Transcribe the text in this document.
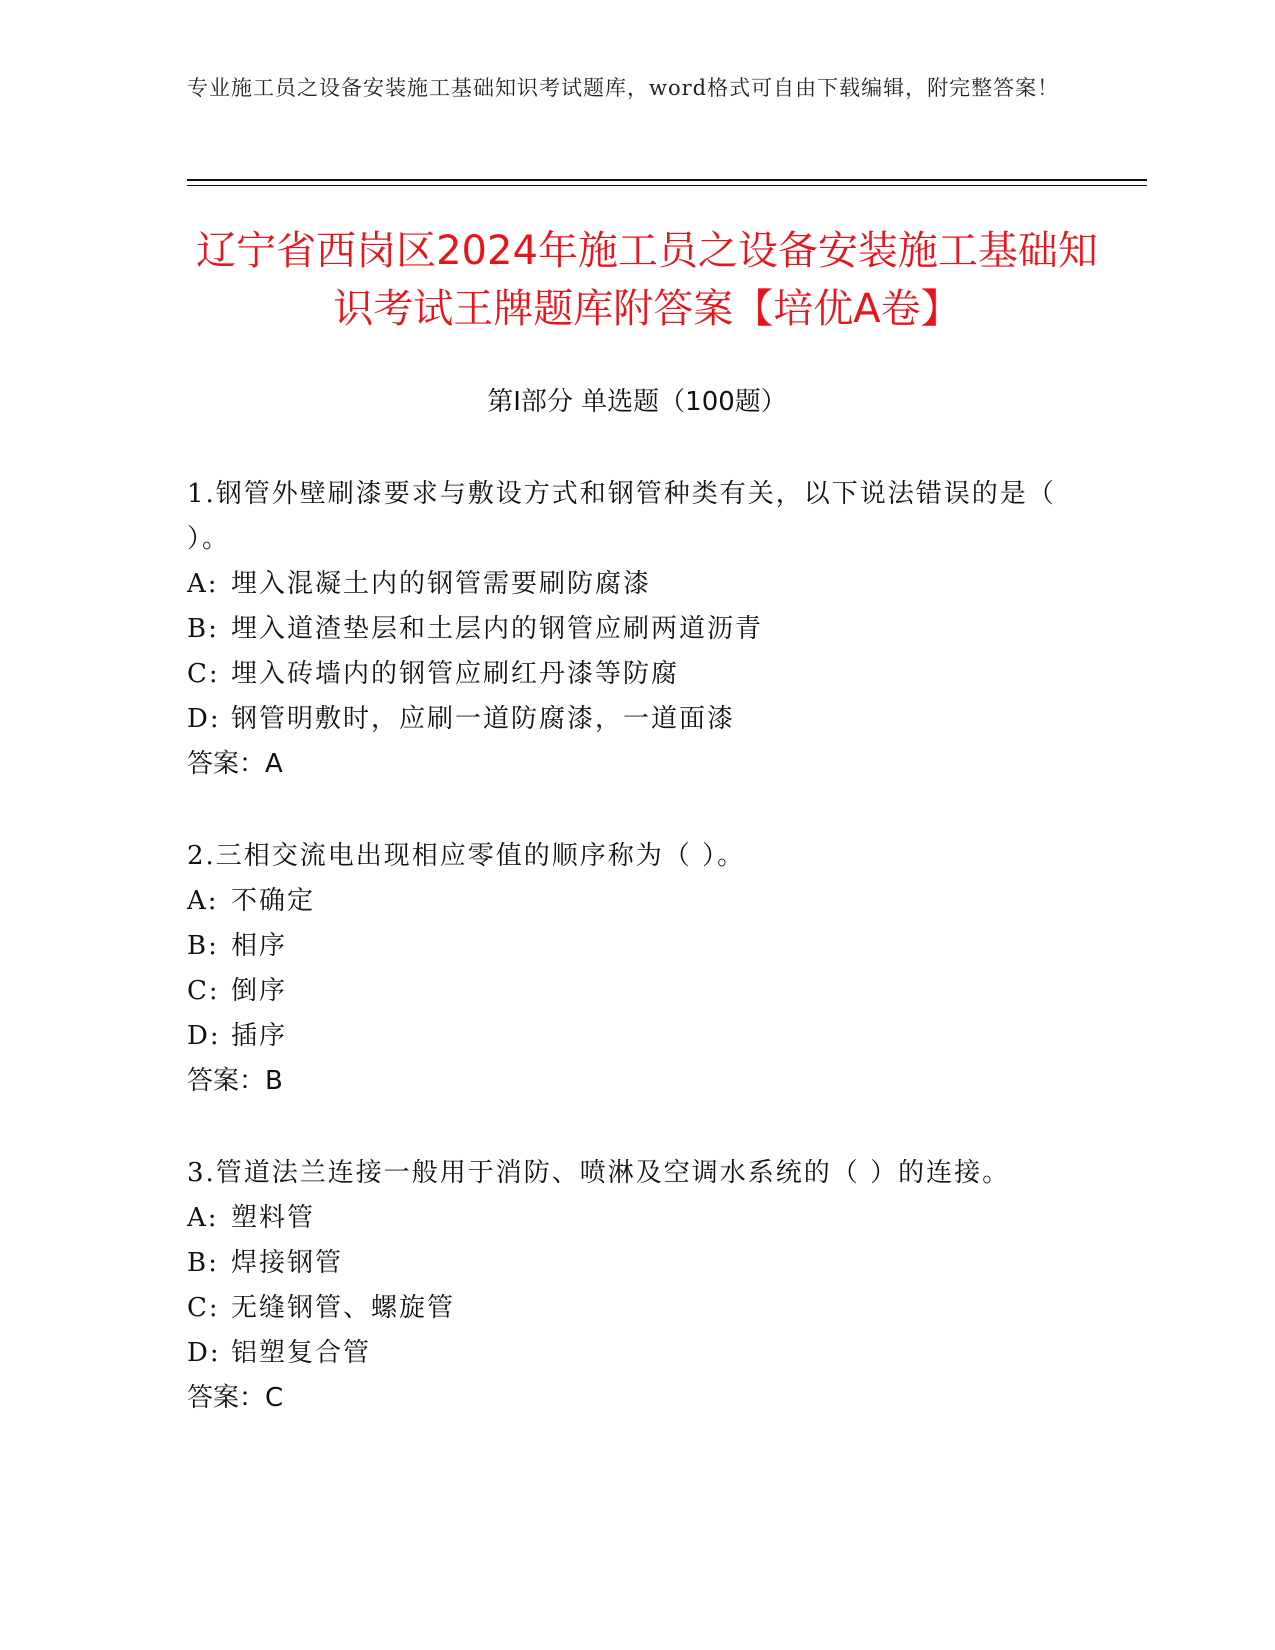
专业施工员之设备安装施工基础知识考试题库，word格式可自由下载编辑，附完整答案！
辽宁省西岗区2024年施工员之设备安装施工基础知识考试王牌题库附答案【培优A卷】
第Ⅰ部分 单选题（100题）
1.钢管外壁刷漆要求与敷设方式和钢管种类有关，以下说法错误的是（ ）。
A: 埋入混凝土内的钢管需要刷防腐漆
B: 埋入道渣垫层和土层内的钢管应刷两道沥青
C: 埋入砖墙内的钢管应刷红丹漆等防腐
D: 钢管明敷时，应刷一道防腐漆，一道面漆
答案：A
2.三相交流电出现相应零值的顺序称为（ ）。
A: 不确定
B: 相序
C: 倒序
D: 插序
答案：B
3.管道法兰连接一般用于消防、喷淋及空调水系统的（ ）的连接。
A: 塑料管
B: 焊接钢管
C: 无缝钢管、螺旋管
D: 铝塑复合管
答案：C
